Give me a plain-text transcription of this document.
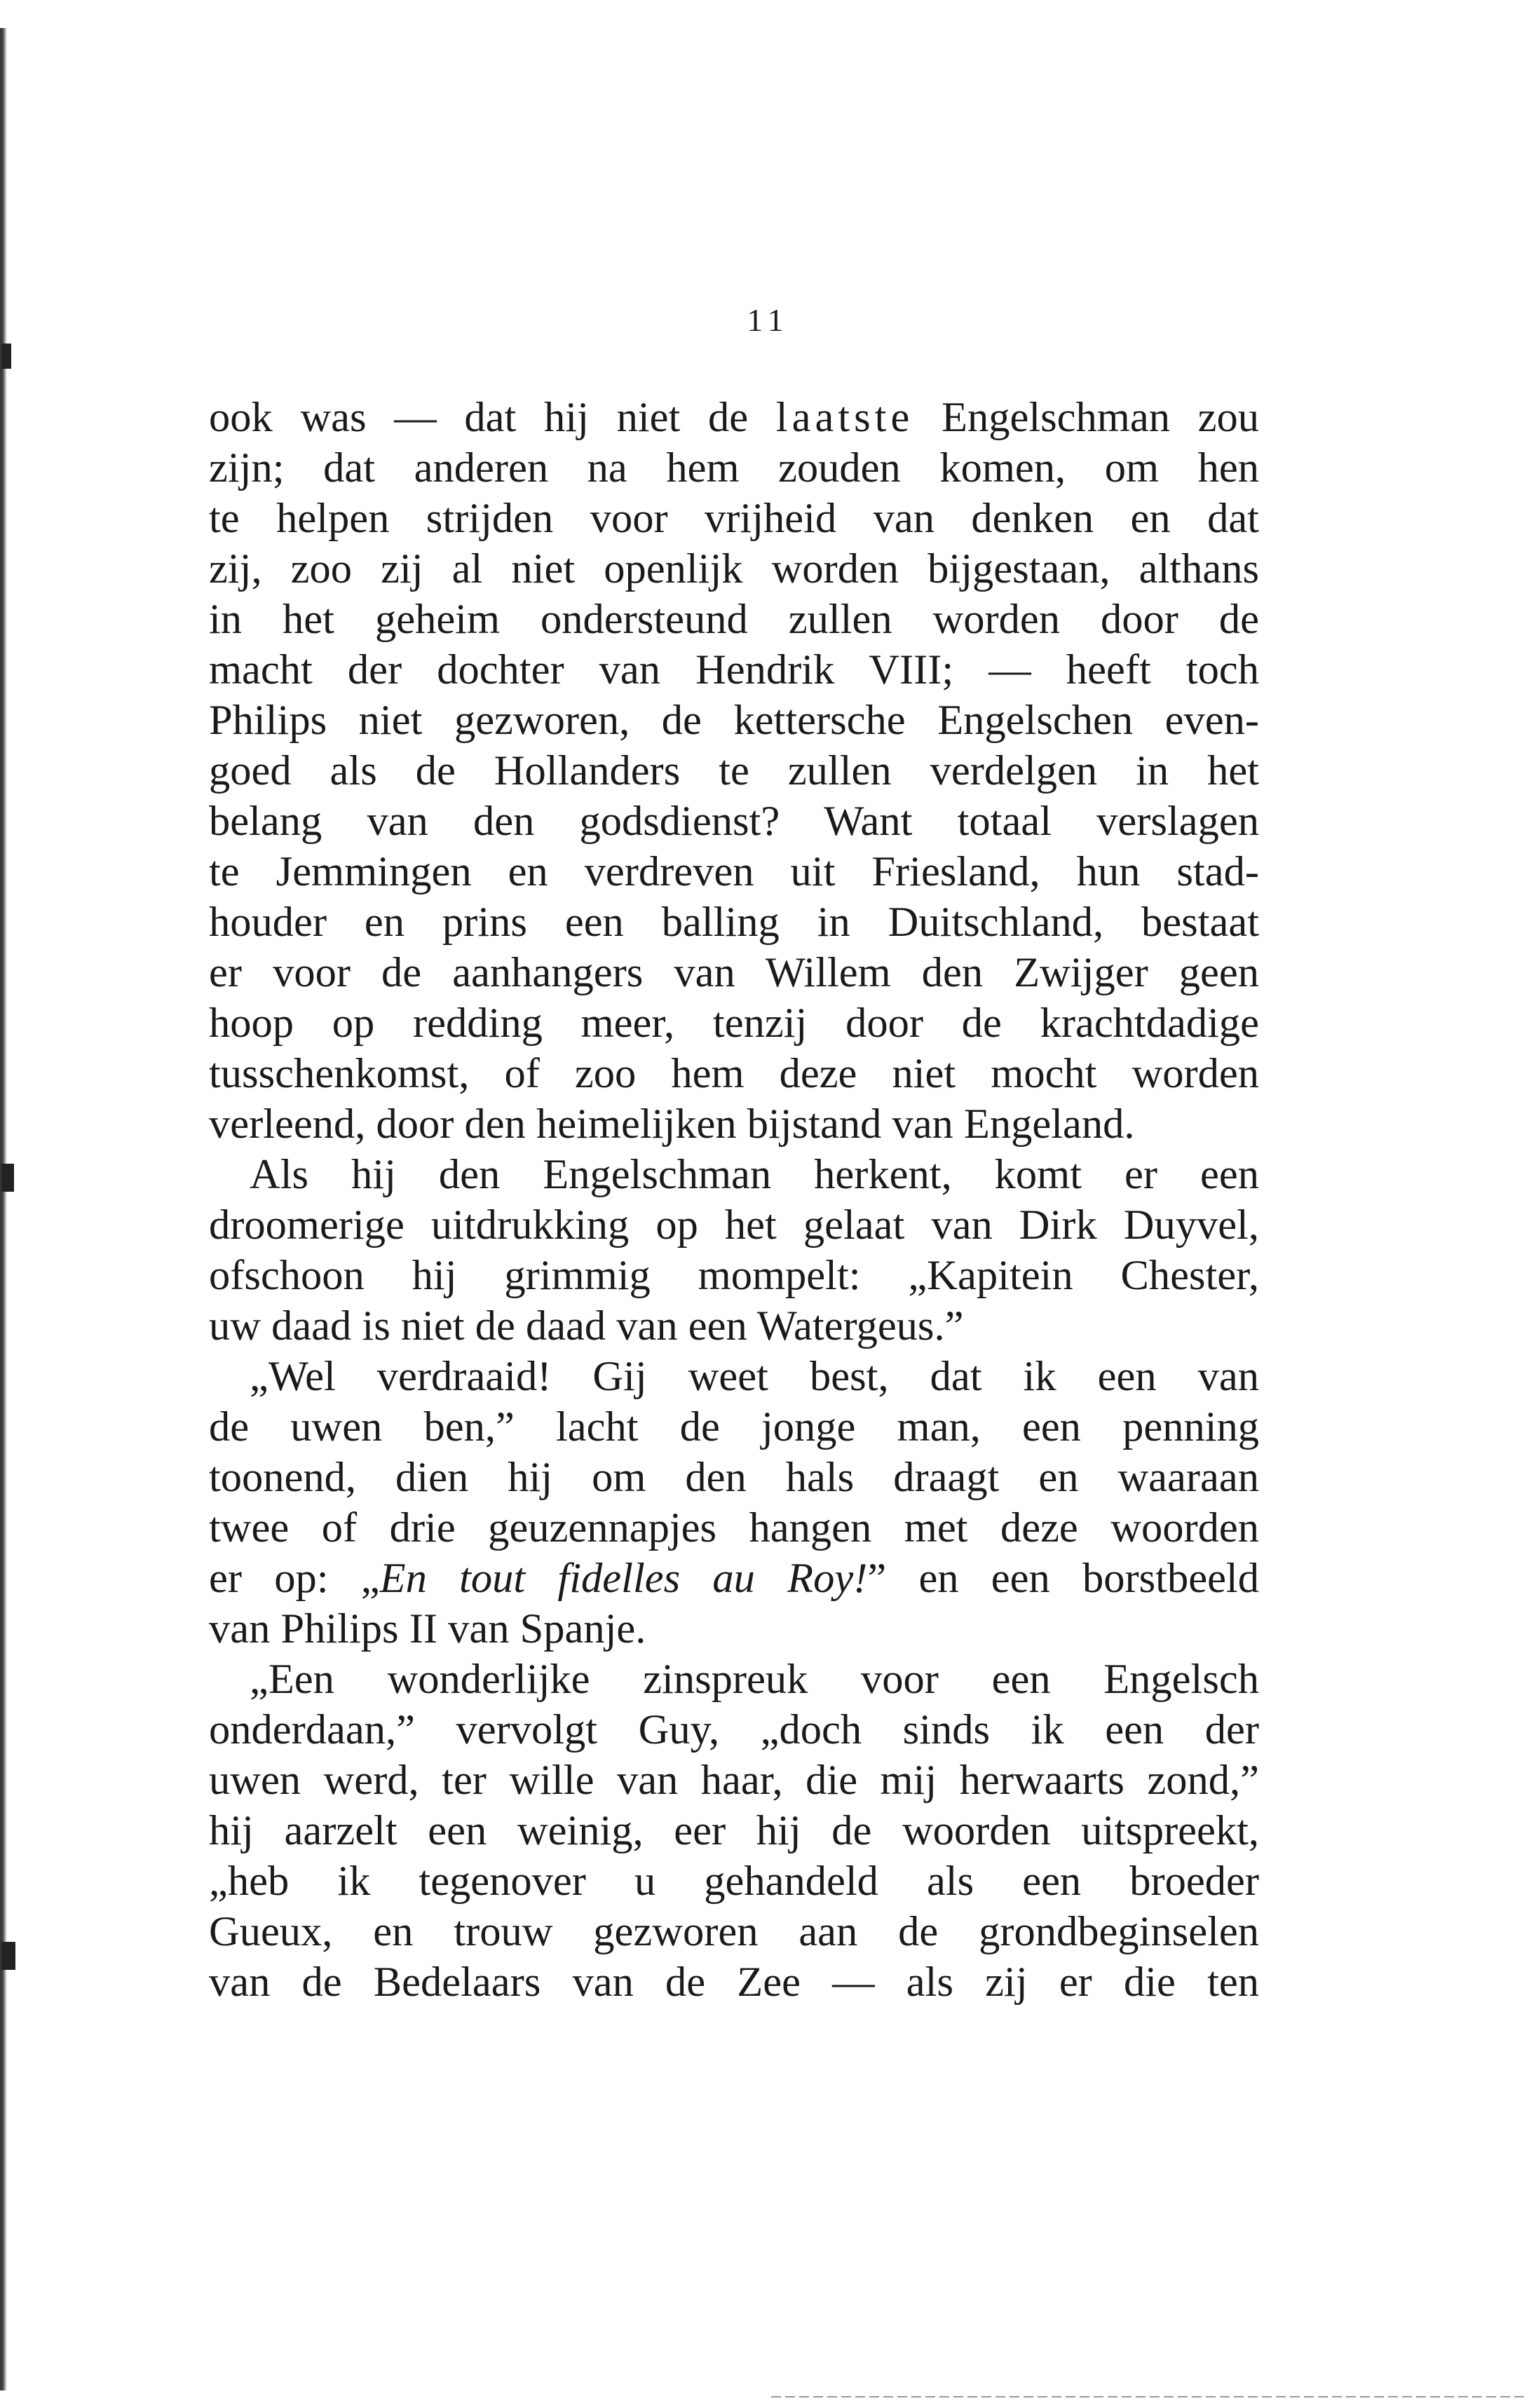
11
ook was — dat hij niet de laatste Engelschman zou
zijn; dat anderen na hem zouden komen, om hen
te helpen strijden voor vrijheid van denken en dat
zij, zoo zij al niet openlijk worden bijgestaan, althans
in het geheim ondersteund zullen worden door de
macht der dochter van Hendrik VIII; — heeft toch
Philips niet gezworen, de kettersche Engelschen even-
goed als de Hollanders te zullen verdelgen in het
belang van den godsdienst? Want totaal verslagen
te Jemmingen en verdreven uit Friesland, hun stad-
houder en prins een balling in Duitschland, bestaat
er voor de aanhangers van Willem den Zwijger geen
hoop op redding meer, tenzij door de krachtdadige
tusschenkomst, of zoo hem deze niet mocht worden
verleend, door den heimelijken bijstand van Engeland.
Als hij den Engelschman herkent, komt er een
droomerige uitdrukking op het gelaat van Dirk Duyvel,
ofschoon hij grimmig mompelt: „Kapitein Chester,
uw daad is niet de daad van een Watergeus.”
„Wel verdraaid! Gij weet best, dat ik een van
de uwen ben,” lacht de jonge man, een penning
toonend, dien hij om den hals draagt en waaraan
twee of drie geuzennapjes hangen met deze woorden
er op: „En tout fidelles au Roy!” en een borstbeeld
van Philips II van Spanje.
„Een wonderlijke zinspreuk voor een Engelsch
onderdaan,” vervolgt Guy, „doch sinds ik een der
uwen werd, ter wille van haar, die mij herwaarts zond,”
hij aarzelt een weinig, eer hij de woorden uitspreekt,
„heb ik tegenover u gehandeld als een broeder
Gueux, en trouw gezworen aan de grondbeginselen
van de Bedelaars van de Zee — als zij er die ten
